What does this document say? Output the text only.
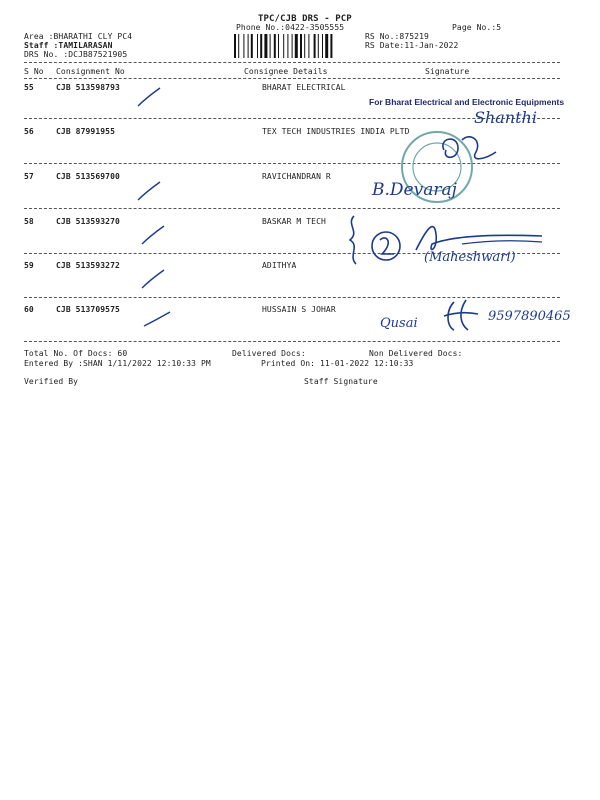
TPC/CJB DRS - PCP
Phone No.:0422-3505555	Page No.:5
Area :BHARATHI CLY PC4
Staff :TAMILARASAN
DRS No. :DCJB87521905
RS No.:875219
RS Date:11-Jan-2022
S No Consignment No	Consignee Details	Signature
55	CJB 513598793	BHARAT ELECTRICAL
56	CJB 87991955	TEX TECH INDUSTRIES INDIA PLTD
57	CJB 513569700	RAVICHANDRAN R
58	CJB 513593270	BASKAR M TECH
59	CJB 513593272	ADITHYA
60	CJB 513709575	HUSSAIN S JOHAR
For Bharat Electrical and Electronic Equipments
Shanthi
B.Devaraj
(Maheshwari)
Qusai	9597890465
Total No. Of Docs: 60	Delivered Docs:	Non Delivered Docs:
Entered By :SHAN 1/11/2022 12:10:33 PM	Printed On: 11-01-2022 12:10:33
Verified By	Staff Signature
